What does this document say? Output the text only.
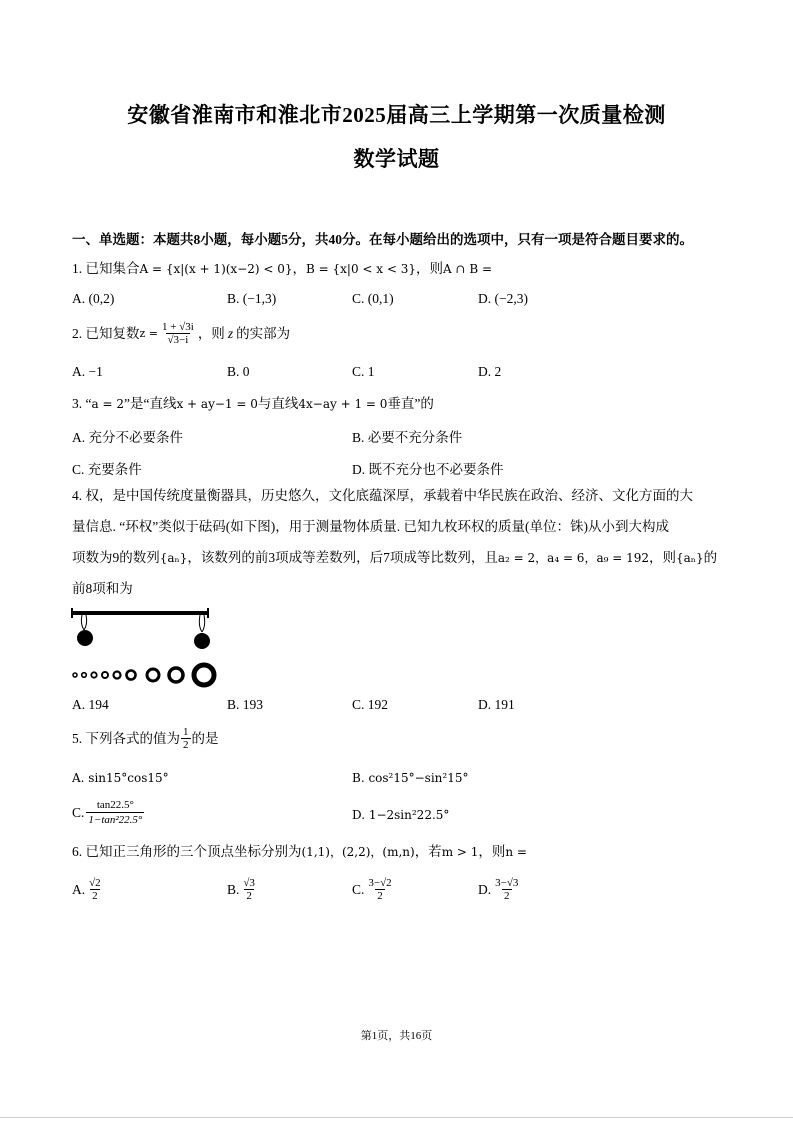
安徽省淮南市和淮北市2025届高三上学期第一次质量检测
数学试题
一、单选题：本题共8小题，每小题5分，共40分。在每小题给出的选项中，只有一项是符合题目要求的。
1. 已知集合A = {x|(x + 1)(x−2) < 0}，B = {x|0 < x < 3}，则A ∩ B =
A. (0,2)	B. (−1,3)	C. (0,1)	D. (−2,3)
2. 已知复数 $z = \frac{1 + √3i}{√3-i}$ ，则 z 的实部为
A. −1	B. 0	C. 1	D. 2
3. “a = 2”是“直线x + ay−1 = 0与直线4x−ay + 1 = 0垂直”的
A. 充分不必要条件	B. 必要不充分条件
C. 充要条件	D. 既不充分也不必要条件
4. 权，是中国传统度量衡器具，历史悠久，文化底蕴深厚，承载着中华民族在政治、经济、文化方面的大
量信息. “环权”类似于砝码(如下图)，用于测量物体质量. 已知九枚环权的质量(单位：铢)从小到大构成
项数为9的数列{aₙ}，该数列的前3项成等差数列，后7项成等比数列，且a₂ = 2，a₄ = 6，a₉ = 192，则{aₙ}的
前8项和为
A. 194	B. 193	C. 192	D. 191
5. 下列各式的值为 $\frac{1}{2}$ 的是
A. sin15°cos15°	B. cos²15°−sin²15°
C. $\frac{\tan 22.5^\circ}{\text{1−tan²22.5°}}$	D. 1−2sin²22.5°
6. 已知正三角形的三个顶点坐标分别为(1,1)，(2,2)，(m,n)，若m > 1，则n =
A. $\frac{√2}{2}$	B. $\frac{√3}{2}$	C. $\frac{3-√2}{2}$	D. $\frac{3-√3}{2}$
第1页，共16页
